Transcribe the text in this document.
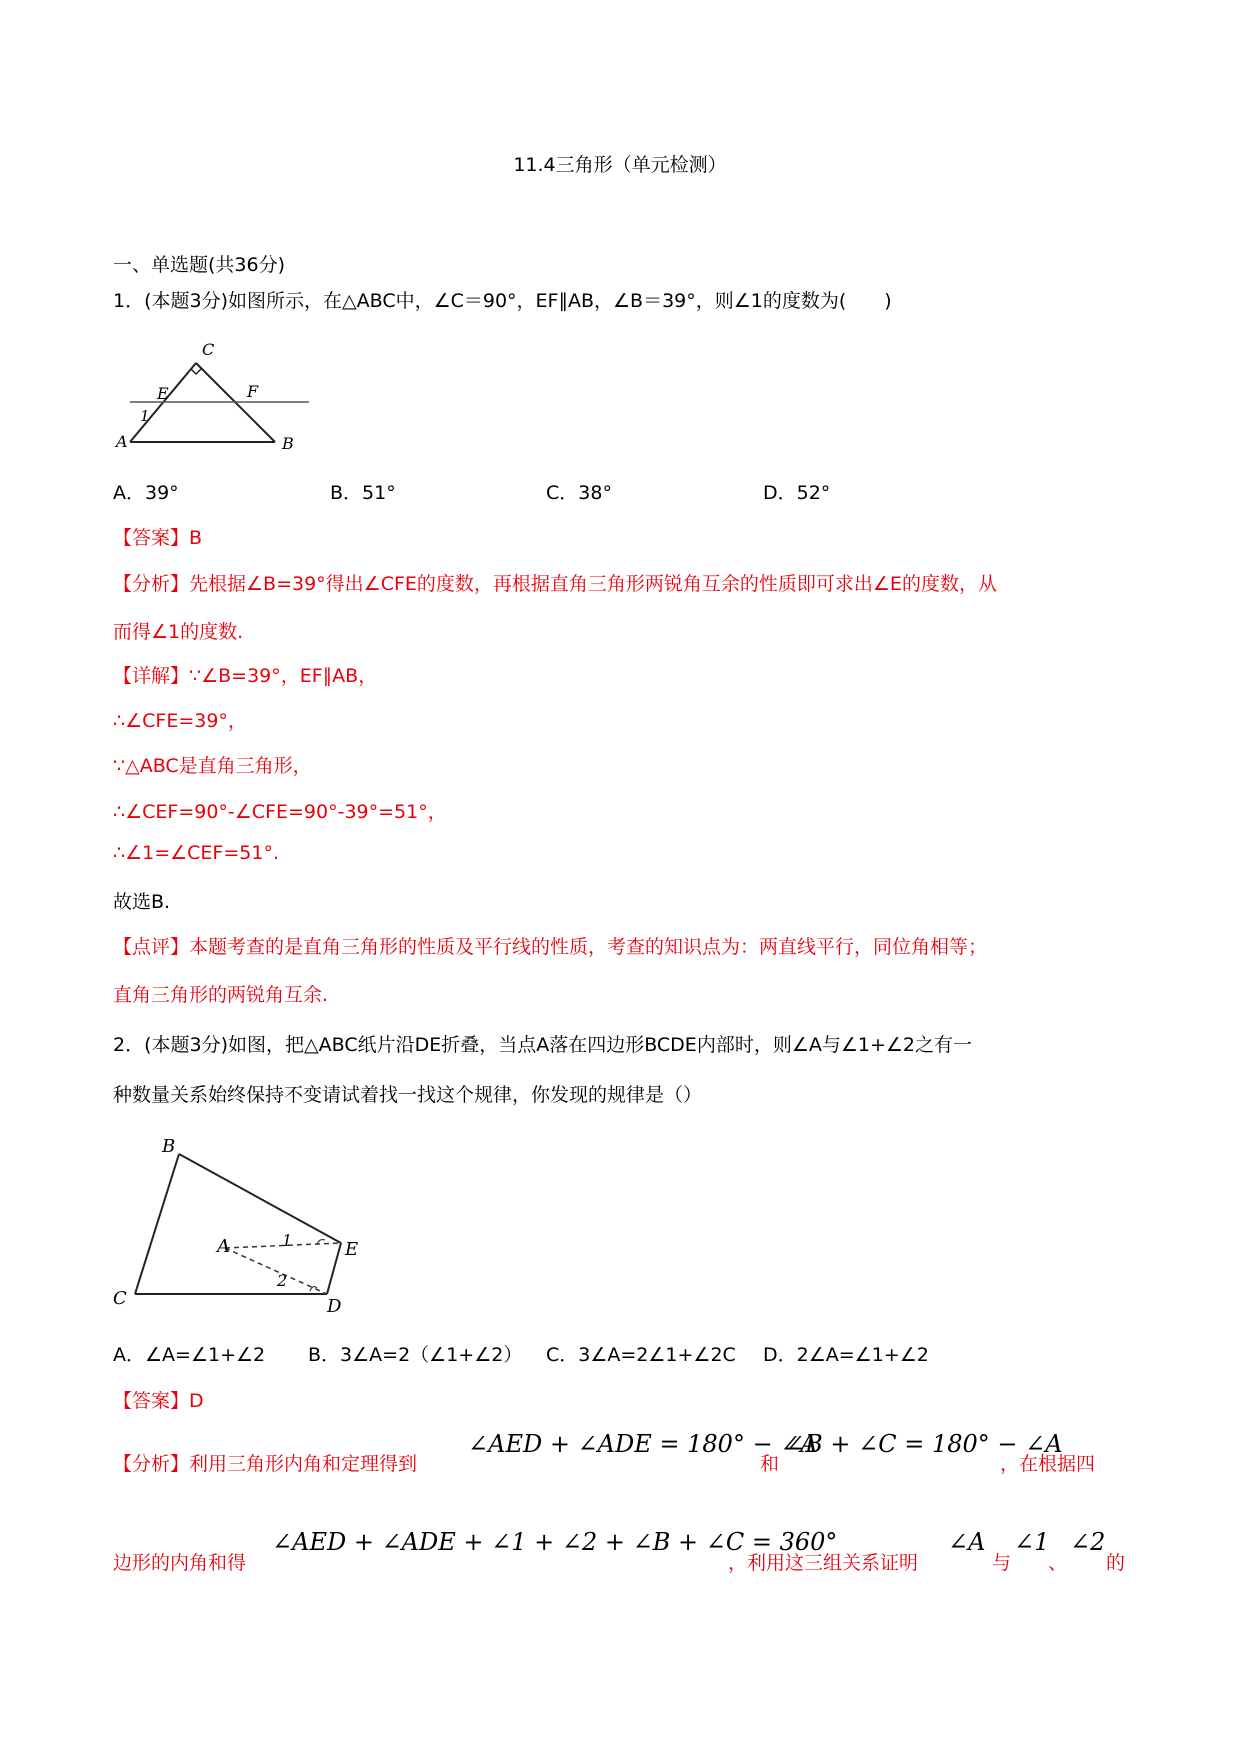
11.4三角形（单元检测）
一、单选题(共36分)
1．(本题3分)如图所示，在△ABC中，∠C＝90°，EF∥AB，∠B＝39°，则∠1的度数为(　　)
C
E	F
1
A	B
A．39°	B．51°	C．38°	D．52°
【答案】B
【分析】先根据∠B=39°得出∠CFE的度数，再根据直角三角形两锐角互余的性质即可求出∠E的度数，从
而得∠1的度数.
【详解】∵∠B=39°，EF∥AB，
∴∠CFE=39°，
∵△ABC是直角三角形，
∴∠CEF=90°-∠CFE=90°-39°=51°，
∴∠1=∠CEF=51°.
故选B.
【点评】本题考查的是直角三角形的性质及平行线的性质，考查的知识点为：两直线平行，同位角相等；
直角三角形的两锐角互余.
2．(本题3分)如图，把△ABC纸片沿DE折叠，当点A落在四边形BCDE内部时，则∠A与∠1+∠2之有一
种数量关系始终保持不变请试着找一找这个规律，你发现的规律是（）
B
A	1	E
2
C	D
A．∠A=∠1+∠2 B．3∠A=2（∠1+∠2） C．3∠A=2∠1+∠2C D．2∠A=∠1+∠2
【答案】D
【分析】利用三角形内角和定理得到
∠AED + ∠ADE = 180° − ∠A
和
∠B + ∠C = 180° − ∠A
，在根据四
边形的内角和得
∠AED + ∠ADE + ∠1 + ∠2 + ∠B + ∠C = 360°
，利用这三组关系证明
∠A
与
∠1
、
∠2
的
